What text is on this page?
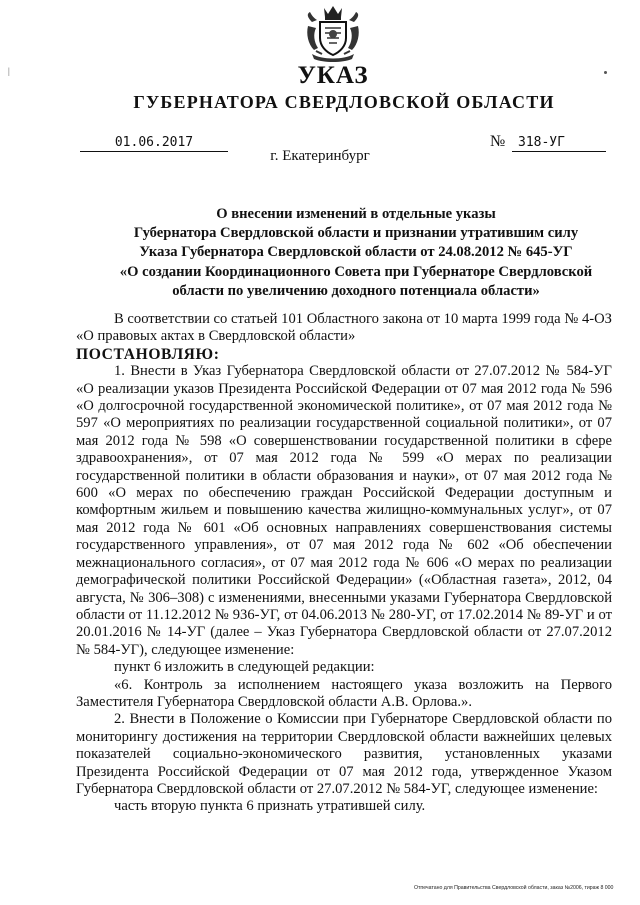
|	УКАЗ
ГУБЕРНАТОРА СВЕРДЛОВСКОЙ ОБЛАСТИ
01.06.2017	№ 318-УГ
г. Екатеринбург
О внесении изменений в отдельные указы
Губернатора Свердловской области и признании утратившим силу
Указа Губернатора Свердловской области от 24.08.2012 № 645-УГ
«О создании Координационного Совета при Губернаторе Свердловской
области по увеличению доходного потенциала области»

В соответствии со статьей 101 Областного закона от 10 марта 1999 года № 4-ОЗ «О правовых актах в Свердловской области»

ПОСТАНОВЛЯЮ:

1. Внести в Указ Губернатора Свердловской области от 27.07.2012 № 584-УГ «О реализации указов Президента Российской Федерации от 07 мая 2012 года № 596 «О долгосрочной государственной экономической политике», от 07 мая 2012 года № 597 «О мероприятиях по реализации государственной социальной политики», от 07 мая 2012 года № 598 «О совершенствовании государственной политики в сфере здравоохранения», от 07 мая 2012 года № 599 «О мерах по реализации государственной политики в области образования и науки», от 07 мая 2012 года № 600 «О мерах по обеспечению граждан Российской Федерации доступным и комфортным жильем и повышению качества жилищно-коммунальных услуг», от 07 мая 2012 года № 601 «Об основных направлениях совершенствования системы государственного управления», от 07 мая 2012 года № 602 «Об обеспечении межнационального согласия», от 07 мая 2012 года № 606 «О мерах по реализации демографической политики Российской Федерации» («Областная газета», 2012, 04 августа, № 306–308) с изменениями, внесенными указами Губернатора Свердловской области от 11.12.2012 № 936-УГ, от 04.06.2013 № 280-УГ, от 17.02.2014 № 89-УГ и от 20.01.2016 № 14-УГ (далее – Указ Губернатора Свердловской области от 27.07.2012 № 584-УГ), следующее изменение:

пункт 6 изложить в следующей редакции:

«6. Контроль за исполнением настоящего указа возложить на Первого Заместителя Губернатора Свердловской области А.В. Орлова.».

2. Внести в Положение о Комиссии при Губернаторе Свердловской области по мониторингу достижения на территории Свердловской области важнейших целевых показателей социально-экономического развития, установленных указами Президента Российской Федерации от 07 мая 2012 года, утвержденное Указом Губернатора Свердловской области от 27.07.2012 № 584-УГ, следующее изменение:

часть вторую пункта 6 признать утратившей силу.

Отпечатано для Правительства Свердловской области, заказ №2006, тираж 8 000
